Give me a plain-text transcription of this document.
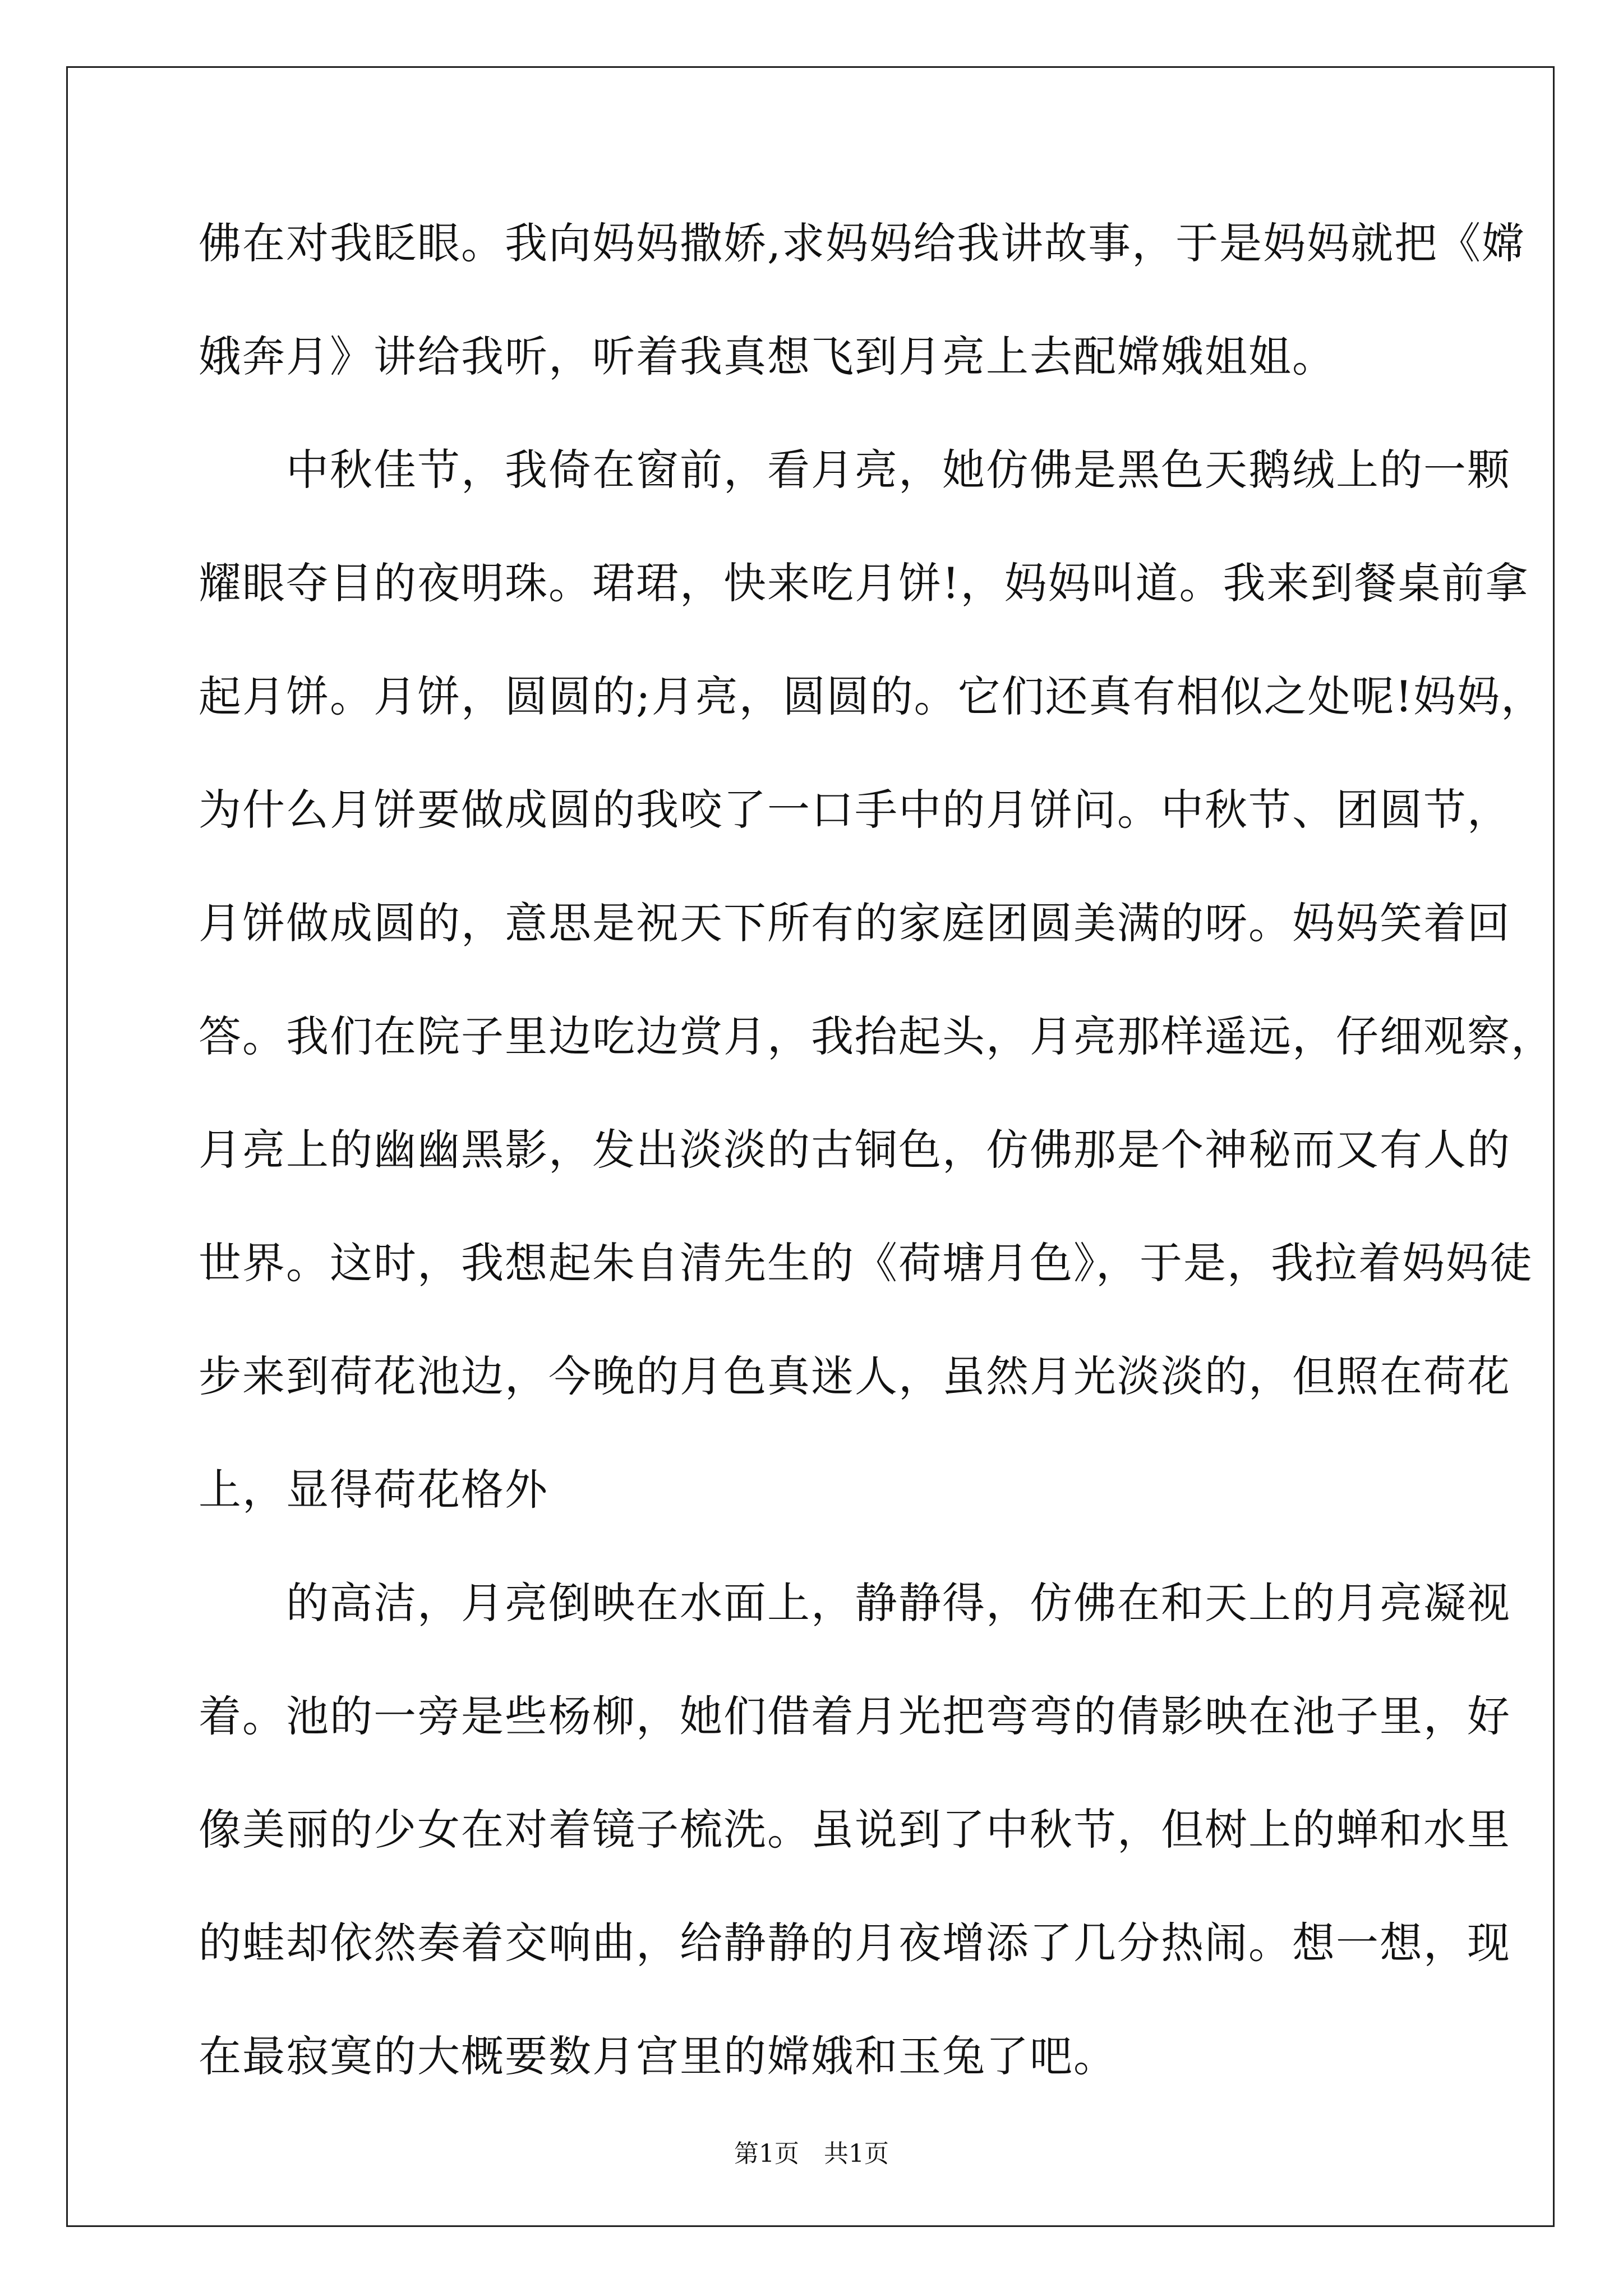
佛在对我眨眼。我向妈妈撒娇,求妈妈给我讲故事，于是妈妈就把《嫦
娥奔月》讲给我听，听着我真想飞到月亮上去配嫦娥姐姐。
　　中秋佳节，我倚在窗前，看月亮，她仿佛是黑色天鹅绒上的一颗
耀眼夺目的夜明珠。珺珺，快来吃月饼!，妈妈叫道。我来到餐桌前拿
起月饼。月饼，圆圆的;月亮，圆圆的。它们还真有相似之处呢!妈妈，
为什么月饼要做成圆的我咬了一口手中的月饼问。中秋节、团圆节，
月饼做成圆的，意思是祝天下所有的家庭团圆美满的呀。妈妈笑着回
答。我们在院子里边吃边赏月，我抬起头，月亮那样遥远，仔细观察，
月亮上的幽幽黑影，发出淡淡的古铜色，仿佛那是个神秘而又有人的
世界。这时，我想起朱自清先生的《荷塘月色》，于是，我拉着妈妈徒
步来到荷花池边，今晚的月色真迷人，虽然月光淡淡的，但照在荷花
上，显得荷花格外
　　的高洁，月亮倒映在水面上，静静得，仿佛在和天上的月亮凝视
着。池的一旁是些杨柳，她们借着月光把弯弯的倩影映在池子里，好
像美丽的少女在对着镜子梳洗。虽说到了中秋节，但树上的蝉和水里
的蛙却依然奏着交响曲，给静静的月夜增添了几分热闹。想一想，现
在最寂寞的大概要数月宫里的嫦娥和玉兔了吧。
第1页　共1页
